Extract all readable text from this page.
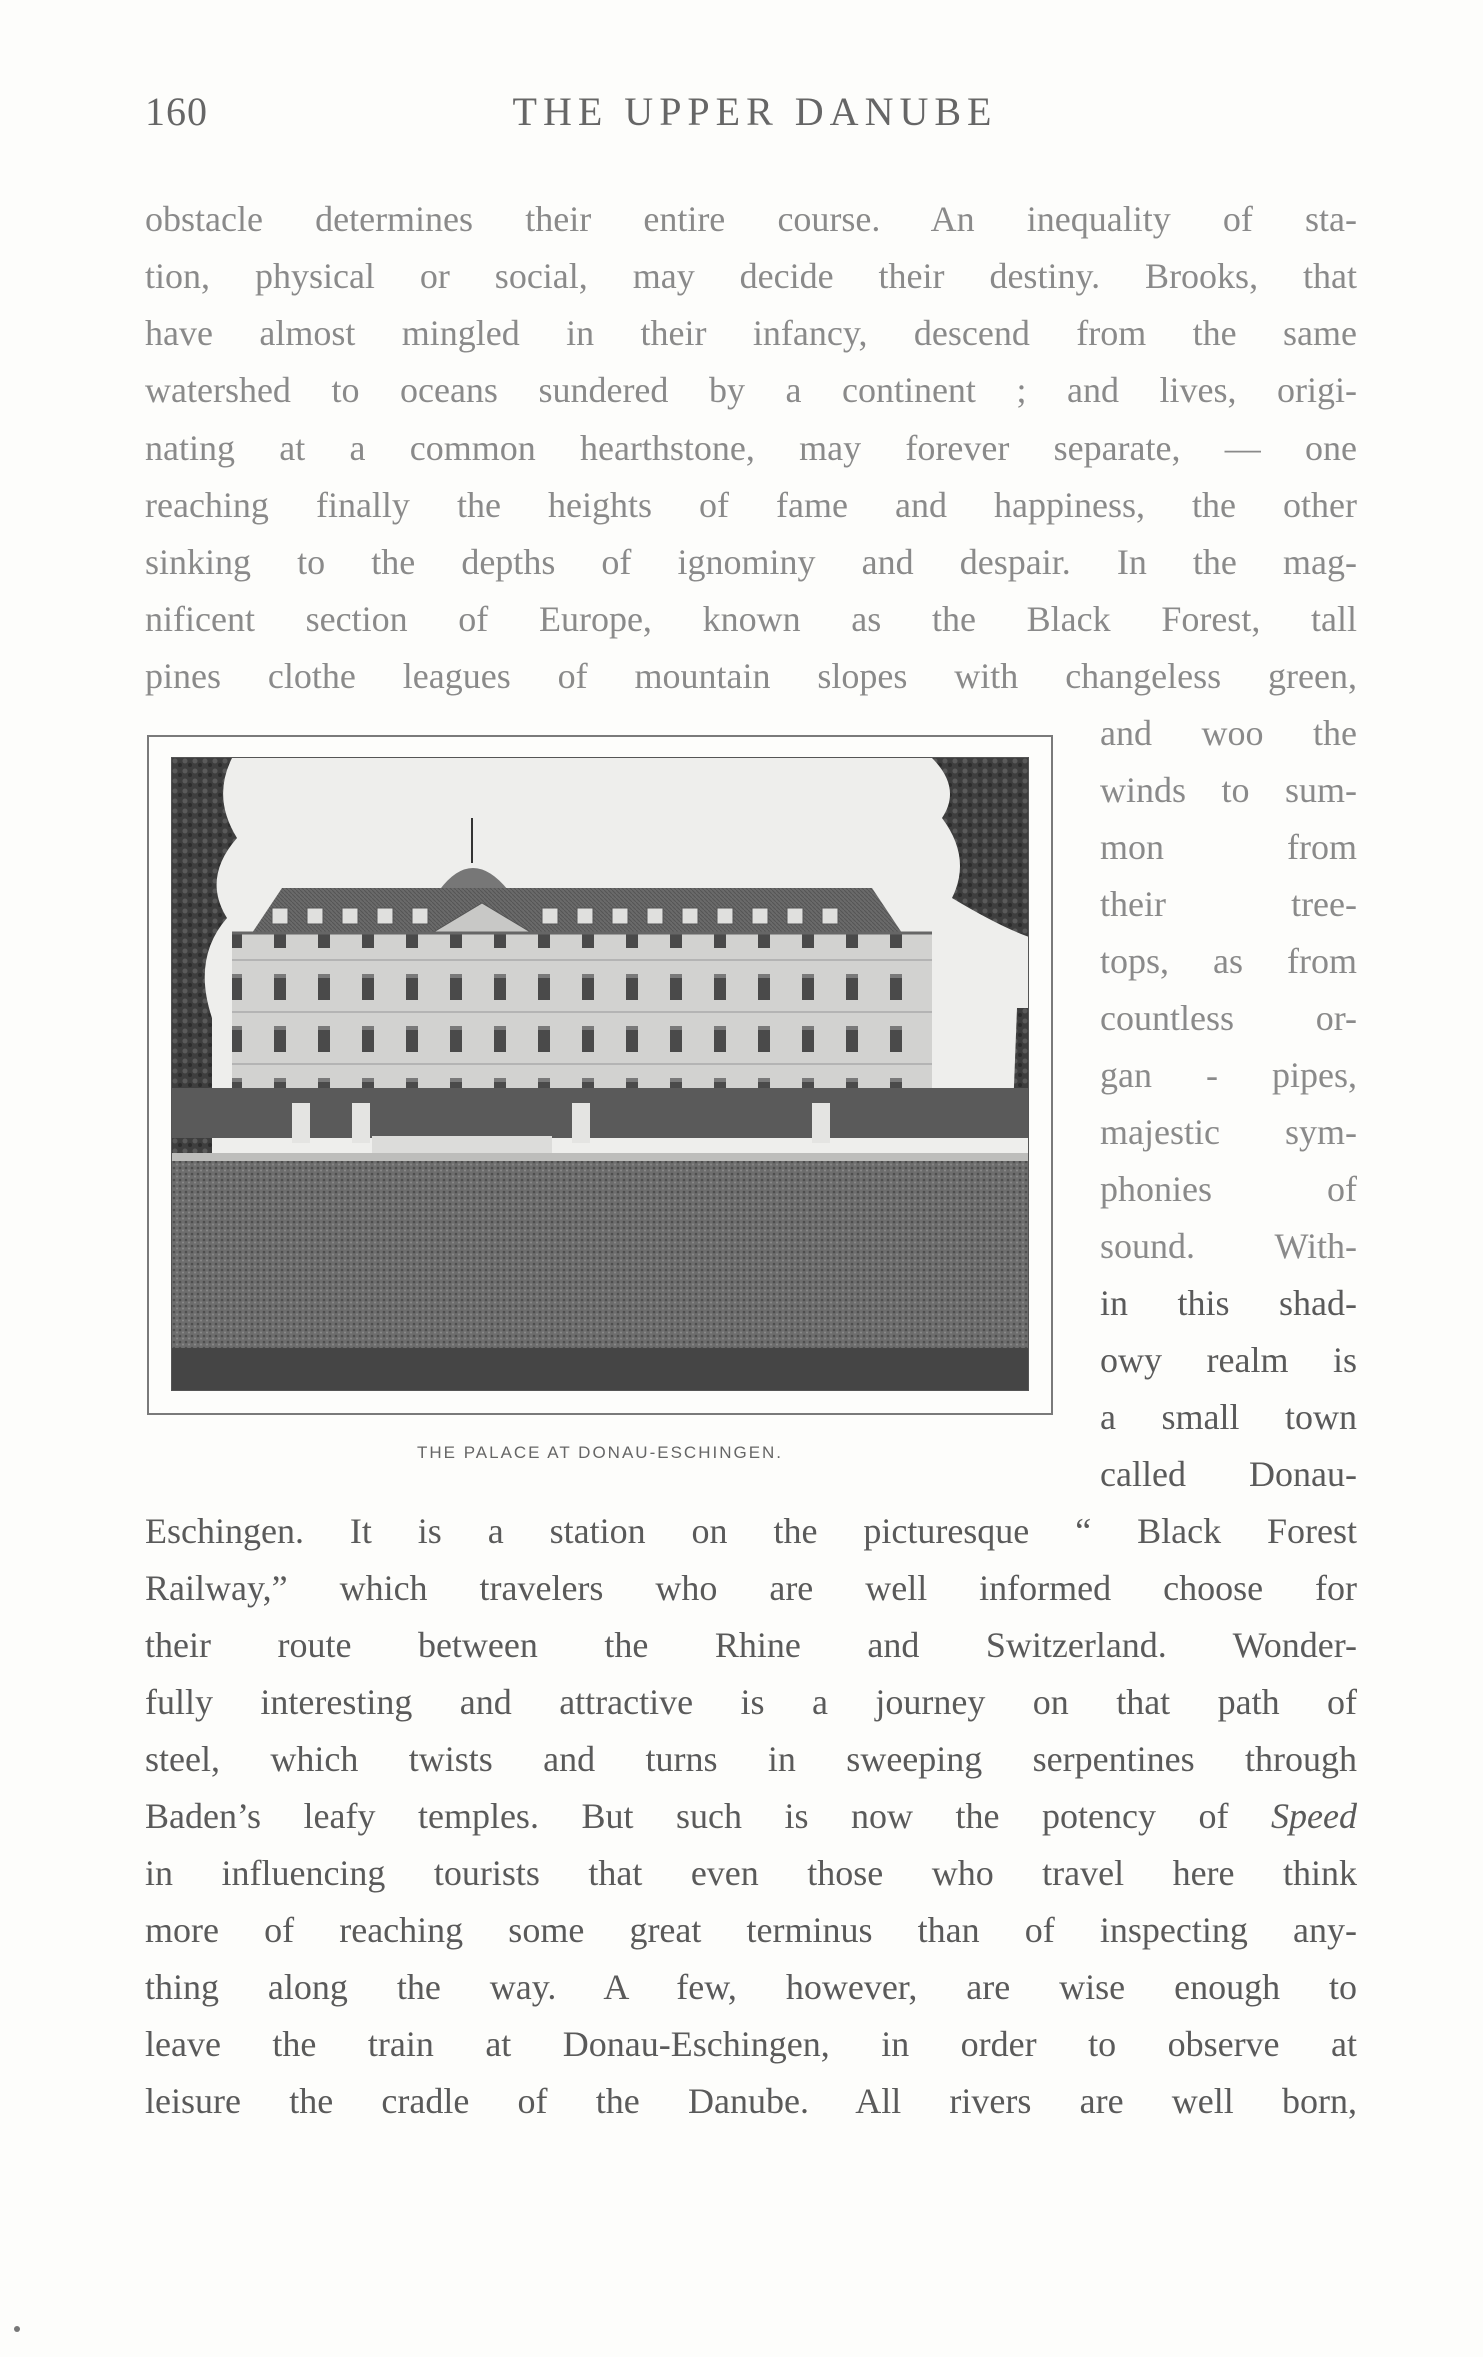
160	THE UPPER DANUBE
obstacle determines their entire course. An inequality of sta-
tion, physical or social, may decide their destiny. Brooks, that
have almost mingled in their infancy, descend from the same
watershed to oceans sundered by a continent ; and lives, origi-
nating at a common hearthstone, may forever separate, — one
reaching finally the heights of fame and happiness, the other
sinking to the depths of ignominy and despair. In the mag-
nificent section of Europe, known as the Black Forest, tall
pines clothe leagues of mountain slopes with changeless green,
and woo the
winds to sum-
mon from
their tree-
tops, as from
countless or-
gan - pipes,
majestic sym-
phonies of
sound. With-
in this shad-
owy realm is
a small town
called Donau-
THE PALACE AT DONAU-ESCHINGEN.
Eschingen. It is a station on the picturesque “ Black Forest
Railway,” which travelers who are well informed choose for
their route between the Rhine and Switzerland. Wonder-
fully interesting and attractive is a journey on that path of
steel, which twists and turns in sweeping serpentines through
Baden’s leafy temples. But such is now the potency of Speed
in influencing tourists that even those who travel here think
more of reaching some great terminus than of inspecting any-
thing along the way. A few, however, are wise enough to
leave the train at Donau-Eschingen, in order to observe at
leisure the cradle of the Danube. All rivers are well born,
